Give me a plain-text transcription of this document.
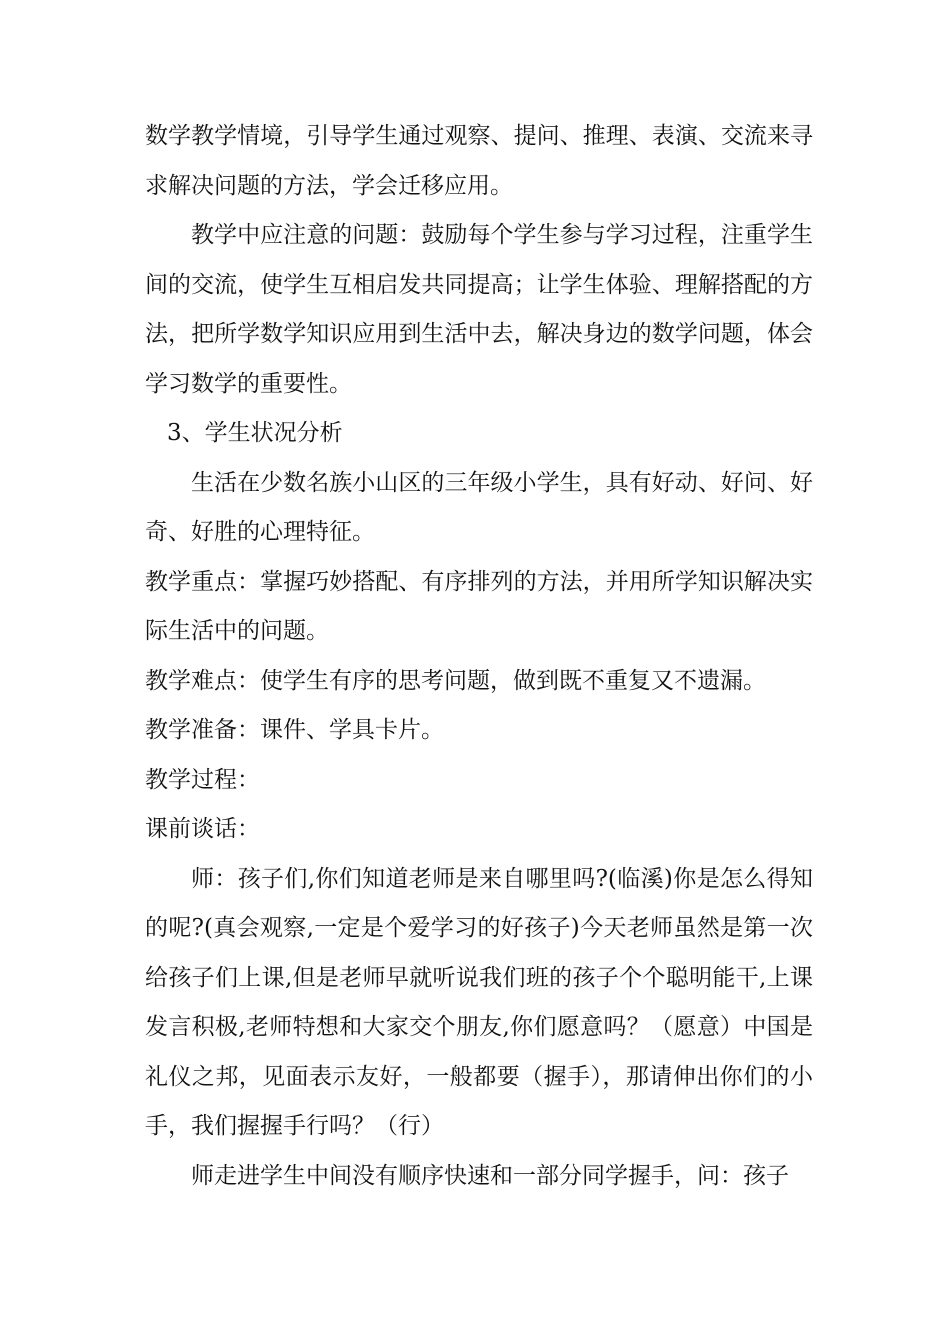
数学教学情境，引导学生通过观察、提问、推理、表演、交流来寻求解决问题的方法，学会迁移应用。

教学中应注意的问题：鼓励每个学生参与学习过程，注重学生间的交流，使学生互相启发共同提高；让学生体验、理解搭配的方法，把所学数学知识应用到生活中去，解决身边的数学问题，体会学习数学的重要性。

3、学生状况分析

生活在少数名族小山区的三年级小学生，具有好动、好问、好奇、好胜的心理特征。

教学重点：掌握巧妙搭配、有序排列的方法，并用所学知识解决实际生活中的问题。

教学难点：使学生有序的思考问题，做到既不重复又不遗漏。

教学准备：课件、学具卡片。

教学过程：

课前谈话：

师：孩子们,你们知道老师是来自哪里吗?(临溪)你是怎么得知的呢?(真会观察,一定是个爱学习的好孩子)今天老师虽然是第一次给孩子们上课,但是老师早就听说我们班的孩子个个聪明能干,上课发言积极,老师特想和大家交个朋友,你们愿意吗？（愿意）中国是礼仪之邦，见面表示友好，一般都要（握手），那请伸出你们的小手，我们握握手行吗？（行）

师走进学生中间没有顺序快速和一部分同学握手，问：孩子
